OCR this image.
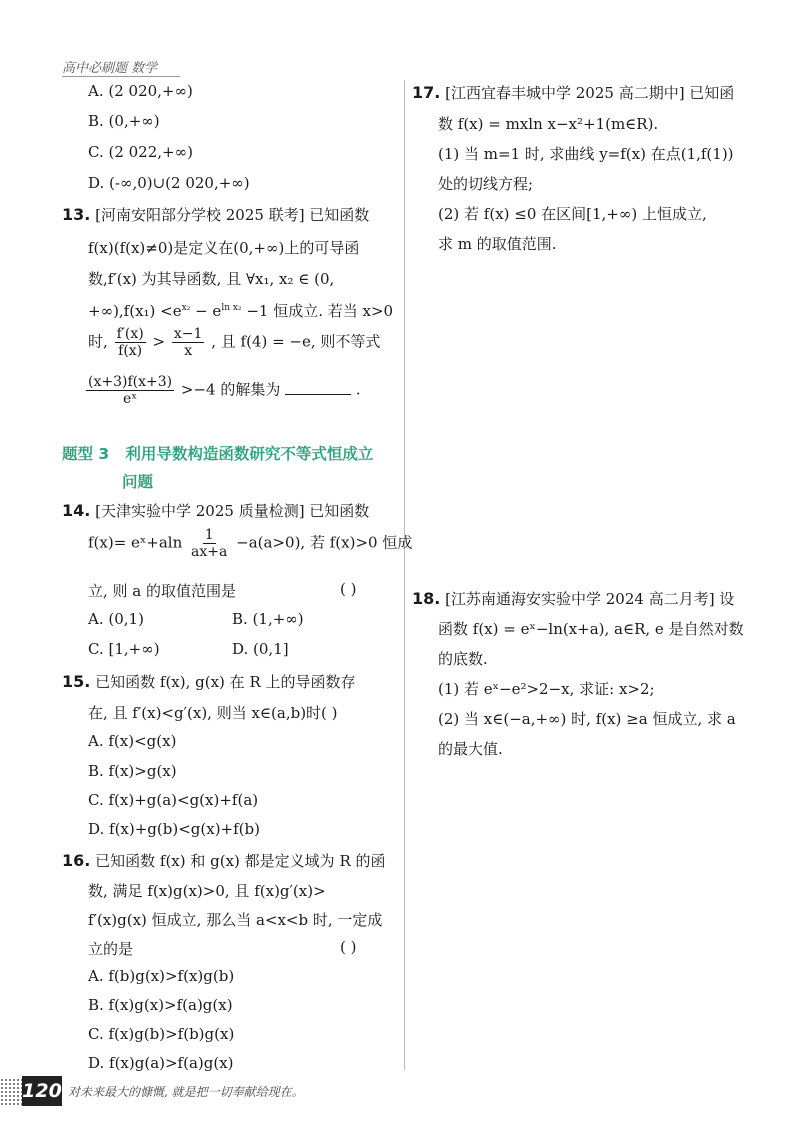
高中必刷题 数学
A. (2 020,+∞)
B. (0,+∞)
C. (2 022,+∞)
D. (-∞,0)∪(2 020,+∞)
13. [河南安阳部分学校 2025 联考] 已知函数
f(x)(f(x)≠0)是定义在(0,+∞)上的可导函
数,f′(x) 为其导函数, 且 ∀x₁, x₂ ∈ (0,
$+\infty),f(x_1) <e^{x_2} - e^{ln x_2} -1$ 恒成立. 若当 x>0
时, $\frac{f'(x)}{f(x)} > \frac{x-1}{x}$ , 且 f(4) = −e, 则不等式
$\frac{(x+3)f(x+3)}{\text{eˣ}} >-4$ 的解集为	.
题型 3 利用导数构造函数研究不等式恒成立
问题
14. [天津实验中学 2025 质量检测] 已知函数
f(x)= eˣ+aln $\frac{1}{ax+a} -a(a>0)$, 若 f(x)>0 恒成
立, 则 a 的取值范围是	( )
A. (0,1)	B. (1,+∞)
C. [1,+∞)	D. (0,1]
15. 已知函数 f(x), g(x) 在 R 上的导函数存
在, 且 f′(x)<g′(x), 则当 x∈(a,b)时( )
A. f(x)<g(x)
B. f(x)>g(x)
C. f(x)+g(a)<g(x)+f(a)
D. f(x)+g(b)<g(x)+f(b)
16. 已知函数 f(x) 和 g(x) 都是定义域为 R 的函
数, 满足 f(x)g(x)>0, 且 f(x)g′(x)>
f′(x)g(x) 恒成立, 那么当 a<x<b 时, 一定成
立的是	( )
A. f(b)g(x)>f(x)g(b)
B. f(x)g(x)>f(a)g(x)
C. f(x)g(b)>f(b)g(x)
D. f(x)g(a)>f(a)g(x)
17. [江西宜春丰城中学 2025 高二期中] 已知函
数 f(x) = mxln x−x²+1(m∈R).
(1) 当 m=1 时, 求曲线 y=f(x) 在点(1,f(1))
处的切线方程;
(2) 若 f(x) ≤0 在区间[1,+∞) 上恒成立,
求 m 的取值范围.
18. [江苏南通海安实验中学 2024 高二月考] 设
函数 f(x) = eˣ−ln(x+a), a∈R, e 是自然对数
的底数.
(1) 若 eˣ−e²>2−x, 求证: x>2;
(2) 当 x∈(−a,+∞) 时, f(x) ≥a 恒成立, 求 a
的最大值.
120 对未来最大的慷慨, 就是把一切奉献给现在。
